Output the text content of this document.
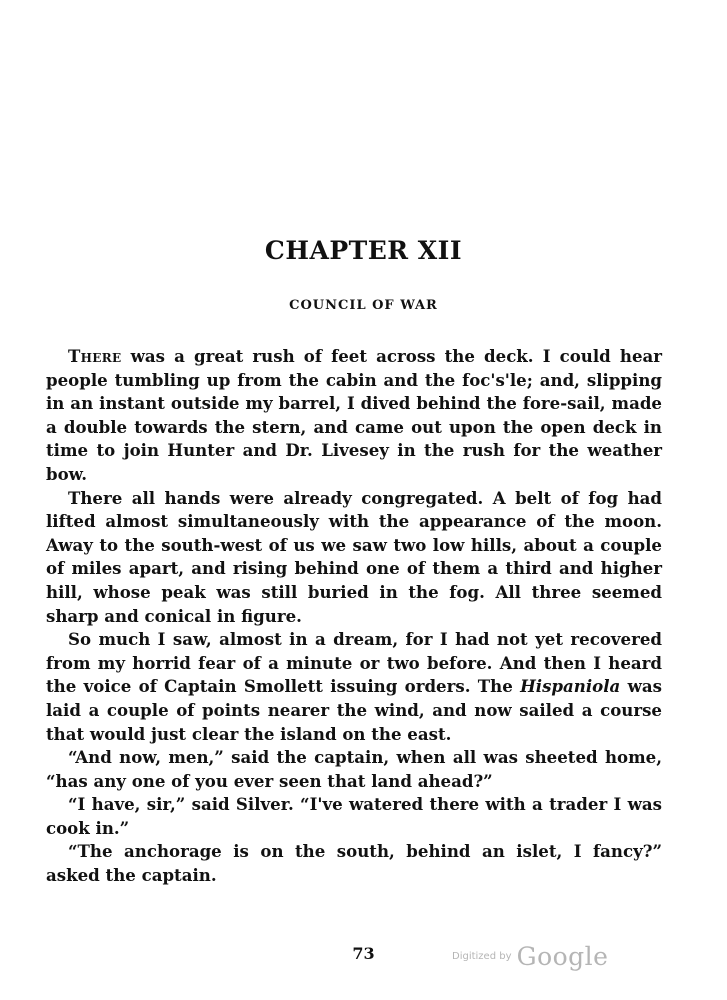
CHAPTER XII
COUNCIL OF WAR

There was a great rush of feet across the deck. I could hear people tumbling up from the cabin and the foc's'le; and, slipping in an instant outside my barrel, I dived behind the fore-sail, made a double towards the stern, and came out upon the open deck in time to join Hunter and Dr. Livesey in the rush for the weather bow.

There all hands were already congregated. A belt of fog had lifted almost simultaneously with the appearance of the moon. Away to the south-west of us we saw two low hills, about a couple of miles apart, and rising behind one of them a third and higher hill, whose peak was still buried in the fog. All three seemed sharp and conical in figure.

So much I saw, almost in a dream, for I had not yet recovered from my horrid fear of a minute or two before. And then I heard the voice of Captain Smollett issuing orders. The Hispaniola was laid a couple of points nearer the wind, and now sailed a course that would just clear the island on the east.

“And now, men,” said the captain, when all was sheeted home, “has any one of you ever seen that land ahead?”

“I have, sir,” said Silver. “I've watered there with a trader I was cook in.”

“The anchorage is on the south, behind an islet, I fancy?” asked the captain.

73	Digitized by Google
